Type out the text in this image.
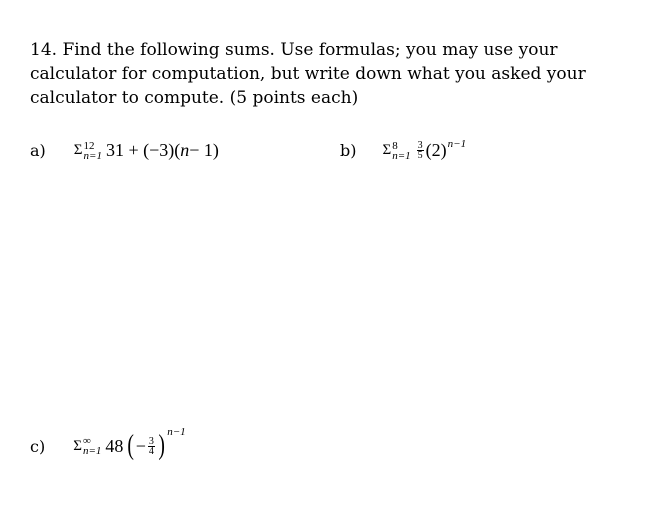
14. Find the following sums. Use formulas; you may use your calculator for computation, but write down what you asked your calculator to compute. (5 points each)
a) Σ 12
n=1 31 + (−3)( n − 1)	b) Σ 8
$n=1 \frac{3}{5} (2)$ n−1
c) Σ ∞
n=1 48 ( − $\frac{3}{4}$ ) n−1
